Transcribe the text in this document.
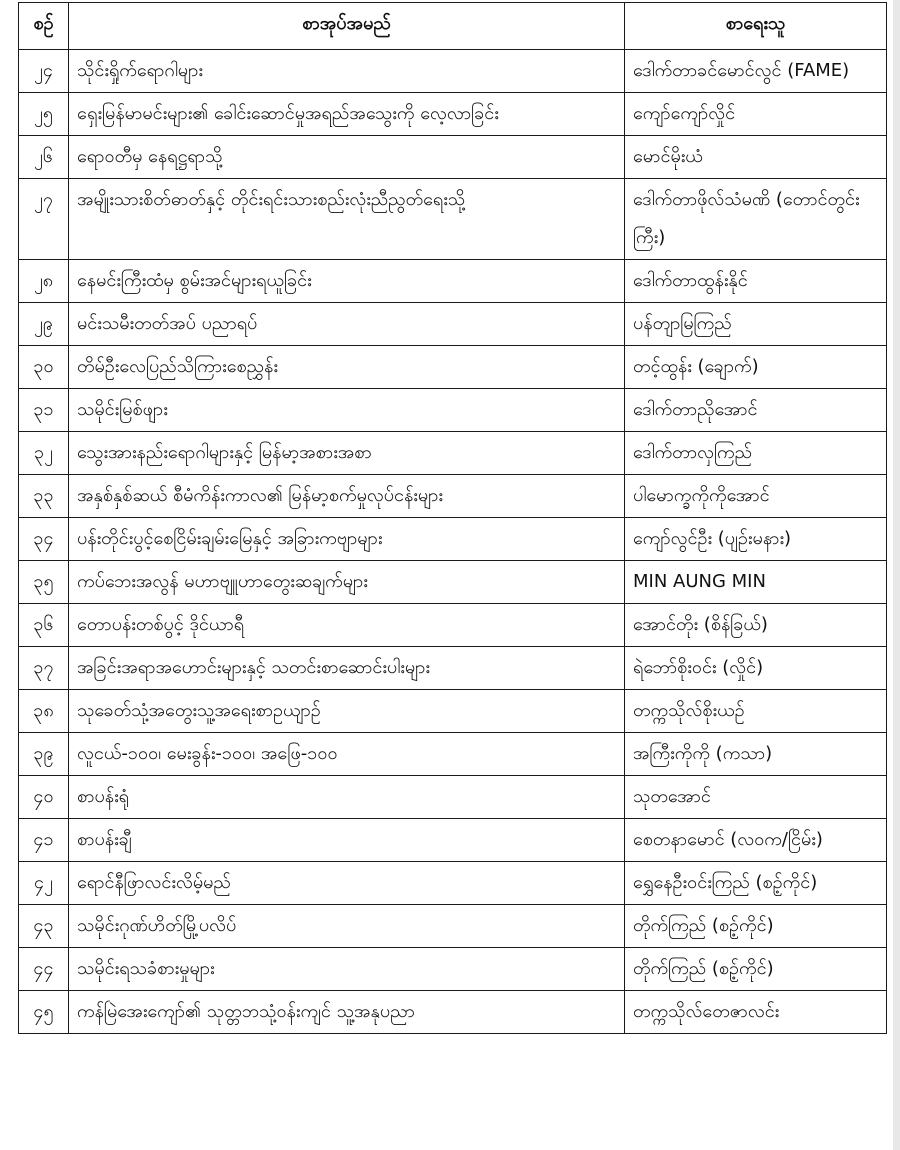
စဉ်	စာအုပ်အမည်	စာရေးသူ
၂၄	သိုင်းရှိုက်ရောဂါများ	ဒေါက်တာခင်မောင်လွင် (FAME)
၂၅	ရှေးမြန်မာမင်းများ၏ ခေါင်းဆောင်မှုအရည်အသွေးကို လေ့လာခြင်း	ကျော်ကျော်လှိုင်
၂၆	ရောဝတီမှ နေရဋ္ဌရာသို့	မောင်မိုးယံ
၂၇	အမျိုးသားစိတ်ဓာတ်နှင့် တိုင်းရင်းသားစည်းလုံးညီညွတ်ရေးသို့	ဒေါက်တာဖိုလ်သံမဏိ (တောင်တွင်းကြီး)
၂၈	နေမင်းကြီးထံမှ စွမ်းအင်များရယူခြင်း	ဒေါက်တာထွန်းနိုင်
၂၉	မင်းသမီးတတ်အပ် ပညာရပ်	ပန်တျာမြကြည်
၃၀	တိမ်ဦးလေပြည်သိကြားစေညွှန်း	တင့်ထွန်း (ချောက်)
၃၁	သမိုင်းမြစ်ဖျား	ဒေါက်တာညိုအောင်
၃၂	သွေးအားနည်းရောဂါများနှင့် မြန်မာ့အစားအစာ	ဒေါက်တာလှကြည်
၃၃	အနှစ်နှစ်ဆယ် စီမံကိန်းကာလ၏ မြန်မာ့စက်မှုလုပ်ငန်းများ	ပါမောက္ခကိုကိုအောင်
၃၄	ပန်းတိုင်းပွင့်စေငြိမ်းချမ်းမြေနှင့် အခြားကဗျာများ	ကျော်လွင်ဦး (ပျဉ်းမနား)
၃၅	ကပ်ဘေးအလွန် မဟာဗျူဟာတွေးဆချက်များ	MIN AUNG MIN
၃၆	တောပန်းတစ်ပွင့် ဒိုင်ယာရီ	အောင်တိုး (စိန်ခြယ်)
၃၇	အခြင်းအရာအဟောင်းများနှင့် သတင်းစာဆောင်းပါးများ	ရဲဘော်စိုးဝင်း (လှိုင်)
၃၈	သုခေတ်သုံ့အတွေးသူ့အရေးစာဥယျာဉ်	တက္ကသိုလ်စိုးယဉ်
၃၉	လူငယ်-၁၀၀၊ မေးခွန်း-၁၀၀၊ အဖြေ-၁၀၀	အကြီးကိုကို (ကသာ)
၄၀	စာပန်းရုံ	သုတအောင်
၄၁	စာပန်းချီ	စေတနာမောင် (လဝက/ငြိမ်း)
၄၂	ရောင်နီဖြာလင်းလိမ့်မည်	ရွှေနေဦးဝင်းကြည် (စဥ့်ကိုင်)
၄၃	သမိုင်းဂုဏ်ဟိတ်မြို့ပလိပ်	တိုက်ကြည် (စဥ့်ကိုင်)
၄၄	သမိုင်းရသခံစားမှုများ	တိုက်ကြည် (စဥ့်ကိုင်)
၄၅	ကန်မြဲအေးကျော်၏ သုတ္တဘသုံ့ဝန်းကျင် သူ့အနုပညာ	တက္ကသိုလ်တေဇာလင်း
